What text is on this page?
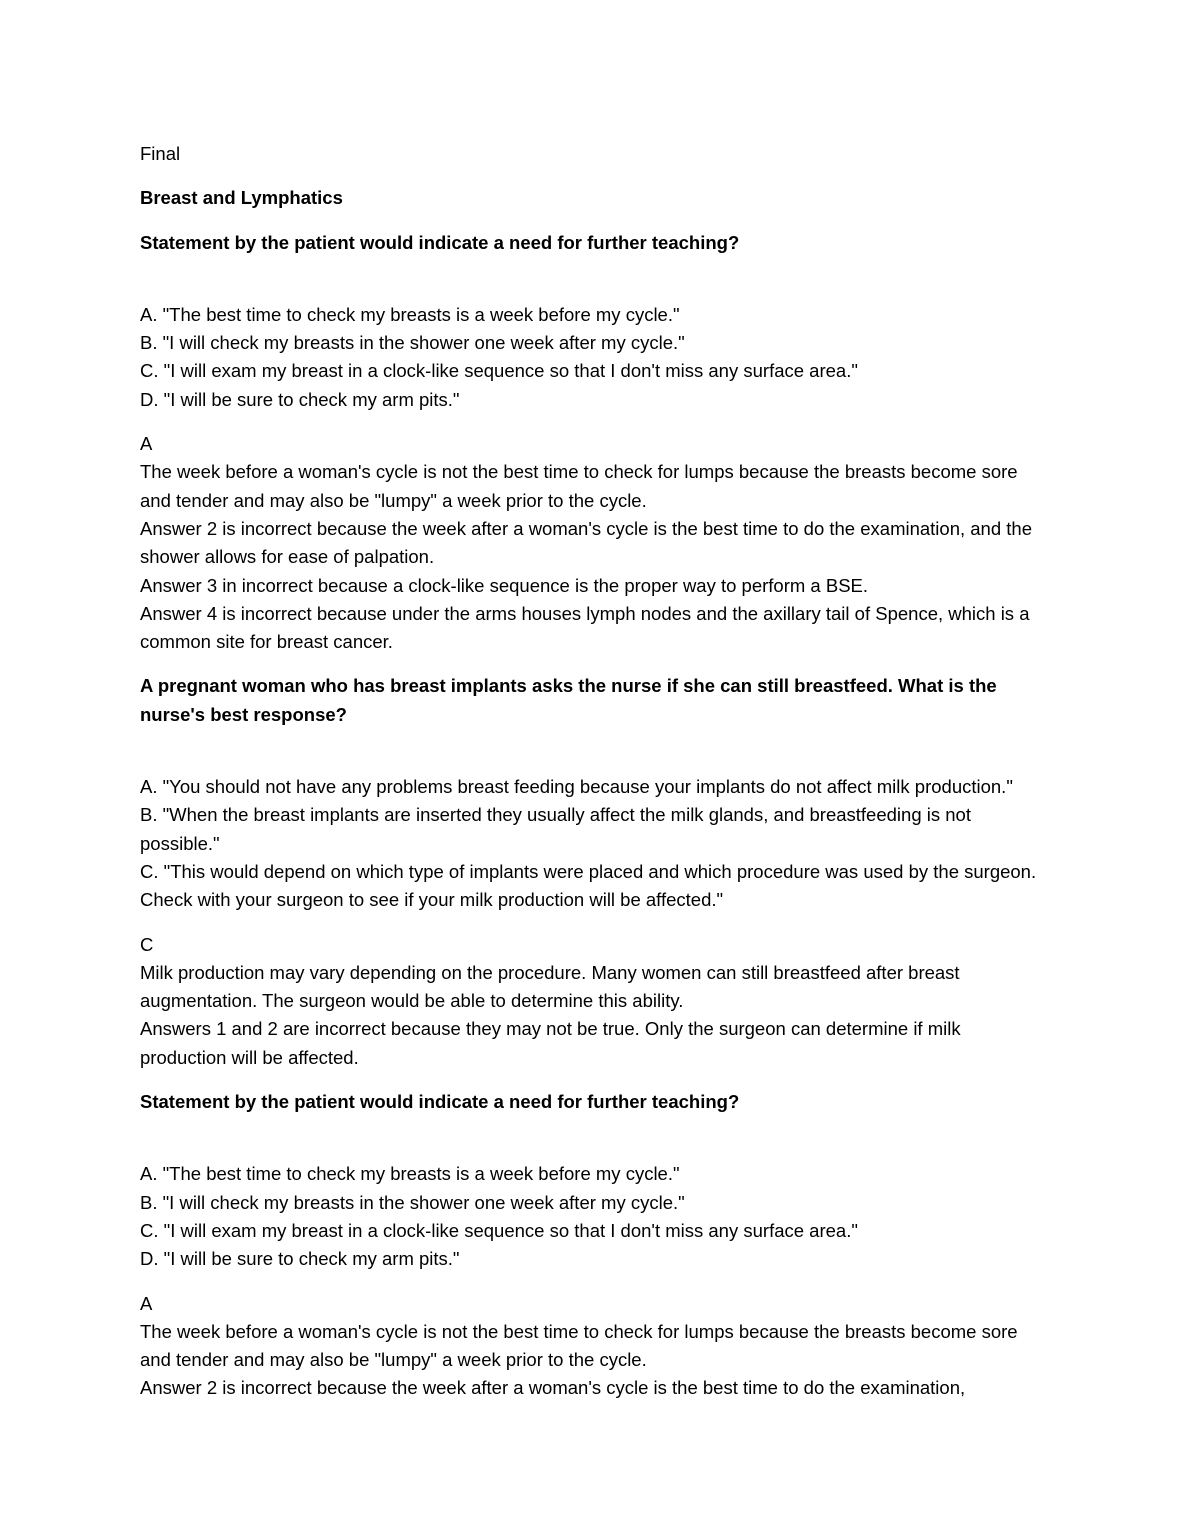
Final

Breast and Lymphatics

Statement by the patient would indicate a need for further teaching?

A. "The best time to check my breasts is a week before my cycle."
B. "I will check my breasts in the shower one week after my cycle."
C. "I will exam my breast in a clock-like sequence so that I don't miss any surface area."
D. "I will be sure to check my arm pits."
A
The week before a woman's cycle is not the best time to check for lumps because the breasts become sore and tender and may also be "lumpy" a week prior to the cycle.
Answer 2 is incorrect because the week after a woman's cycle is the best time to do the examination, and the shower allows for ease of palpation.
Answer 3 in incorrect because a clock-like sequence is the proper way to perform a BSE.
Answer 4 is incorrect because under the arms houses lymph nodes and the axillary tail of Spence, which is a common site for breast cancer.

A pregnant woman who has breast implants asks the nurse if she can still breastfeed. What is the nurse's best response?

A. "You should not have any problems breast feeding because your implants do not affect milk production."
B. "When the breast implants are inserted they usually affect the milk glands, and breastfeeding is not possible."
C. "This would depend on which type of implants were placed and which procedure was used by the surgeon. Check with your surgeon to see if your milk production will be affected."
C
Milk production may vary depending on the procedure. Many women can still breastfeed after breast augmentation. The surgeon would be able to determine this ability.
Answers 1 and 2 are incorrect because they may not be true. Only the surgeon can determine if milk production will be affected.

Statement by the patient would indicate a need for further teaching?

A. "The best time to check my breasts is a week before my cycle."
B. "I will check my breasts in the shower one week after my cycle."
C. "I will exam my breast in a clock-like sequence so that I don't miss any surface area."
D. "I will be sure to check my arm pits."
A
The week before a woman's cycle is not the best time to check for lumps because the breasts become sore and tender and may also be "lumpy" a week prior to the cycle.
Answer 2 is incorrect because the week after a woman's cycle is the best time to do the examination,
